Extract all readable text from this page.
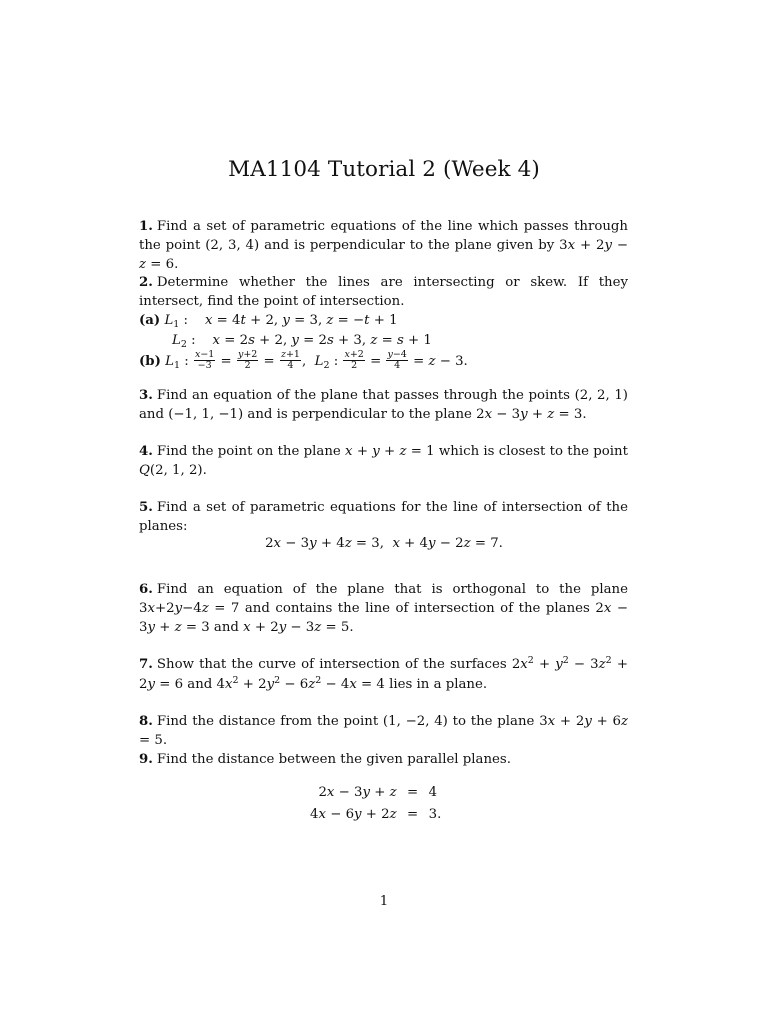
MA1104 Tutorial 2 (Week 4)

1. Find a set of parametric equations of the line which passes through the point (2, 3, 4) and is perpendicular to the plane given by 3x + 2y − z = 6.

2. Determine whether the lines are intersecting or skew. If they intersect, find the point of intersection.

(a) $L_1$ :    x = 4t + 2, y = 3, z = −t + 1
$L_2$ :    x = 2s + 2, y = 2s + 3, z = s + 1
(b) $L_1$ : $\frac{x-1}{-3} = \frac{y+2}{2} = \frac{z+1}{4}$ ,  $L_2$ : $\frac{x+2}{2} = \frac{y-4}{4} = z - 3$.

3. Find an equation of the plane that passes through the points (2, 2, 1) and (−1, 1, −1) and is perpendicular to the plane 2x − 3y + z = 3.

4. Find the point on the plane x + y + z = 1 which is closest to the point Q(2, 1, 2).

5. Find a set of parametric equations for the line of intersection of the planes:

2x − 3y + 4z = 3,  x + 4y − 2z = 7.

6. Find an equation of the plane that is orthogonal to the plane 3x+2y−4z = 7 and contains the line of intersection of the planes 2x − 3y + z = 3 and x + 2y − 3z = 5.

7. Show that the curve of intersection of the surfaces $2x^2 + y^2 - 3z^2 + 2y = 6$ and $4x^2 + 2y^2 - 6z^2 - 4x = 4$ lies in a plane.

8. Find the distance from the point (1, −2, 4) to the plane 3x + 2y + 6z = 5.

9. Find the distance between the given parallel planes.

2x − 3y + z	=	4
4x − 6y + 2z	=	3.
1
